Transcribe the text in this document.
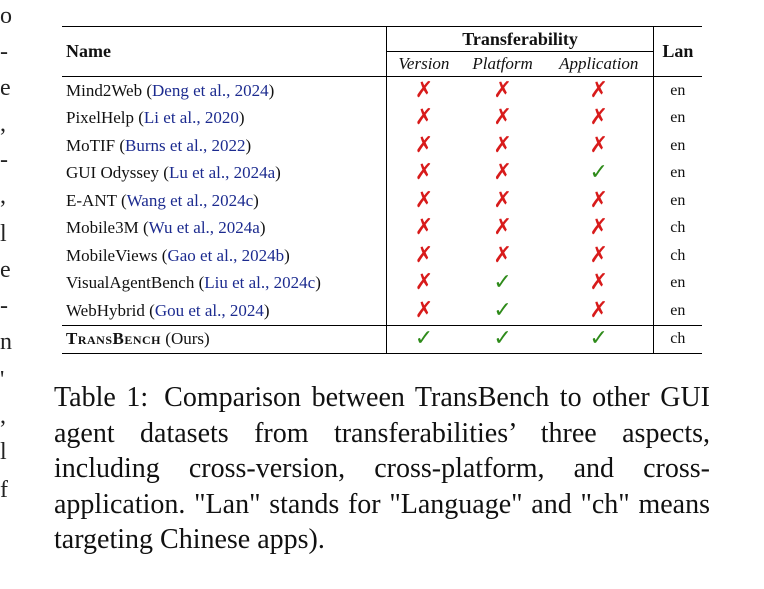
o
-
e
,
-
,
l
e
-
n
'
,
l
f
Name	Transferability			Lan
	Version	Platform	Application	
Mind2Web (Deng et al., 2024)	✗	✗	✗	en
PixelHelp (Li et al., 2020)	✗	✗	✗	en
MoTIF (Burns et al., 2022)	✗	✗	✗	en
GUI Odyssey (Lu et al., 2024a)	✗	✗	✓	en
E-ANT (Wang et al., 2024c)	✗	✗	✗	en
Mobile3M (Wu et al., 2024a)	✗	✗	✗	ch
MobileViews (Gao et al., 2024b)	✗	✗	✗	ch
VisualAgentBench (Liu et al., 2024c)	✗	✓	✗	en
WebHybrid (Gou et al., 2024)	✗	✓	✗	en
TransBench (Ours)	✓	✓	✓	ch
Table 1: Comparison between TransBench to other GUI agent datasets from transferabilities’ three aspects, including cross-version, cross-platform, and cross-application. "Lan" stands for "Language" and "ch" means targeting Chinese apps).
